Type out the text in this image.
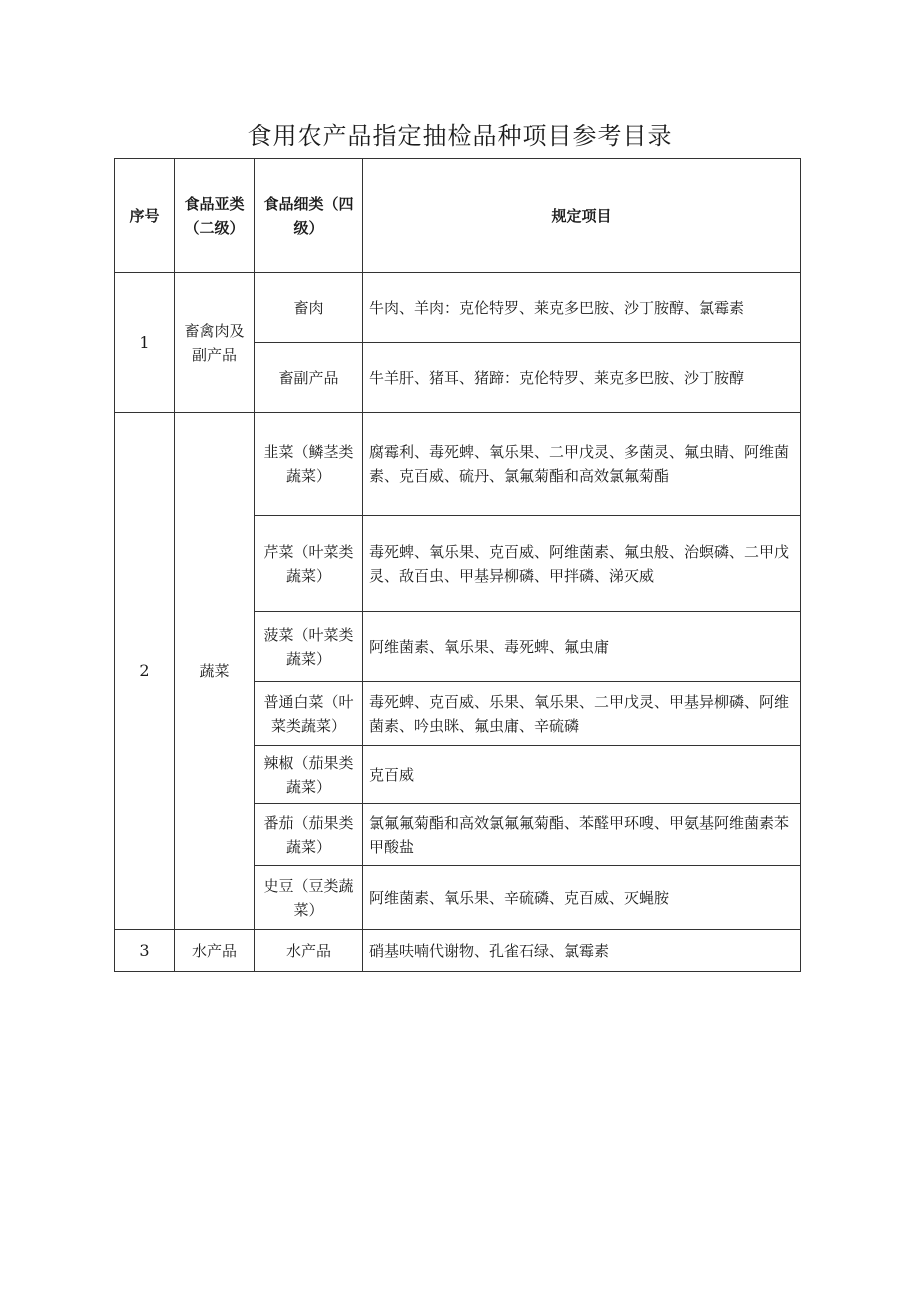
食用农产品指定抽检品种项目参考目录
序号	食品亚类（二级）	食品细类（四级）	规定项目
1	畜禽肉及副产品	畜肉	牛肉、羊肉：克伦特罗、莱克多巴胺、沙丁胺醇、氯霉素
		畜副产品	牛羊肝、猪耳、猪蹄：克伦特罗、莱克多巴胺、沙丁胺醇
2	蔬菜	韭菜（鳞茎类蔬菜）	腐霉利、毒死蜱、氧乐果、二甲戊灵、多菌灵、氟虫睛、阿维菌素、克百威、硫丹、氯氟菊酯和高效氯氟菊酯
		芹菜（叶菜类蔬菜）	毒死蜱、氧乐果、克百威、阿维菌素、氟虫般、治螟磷、二甲戊灵、敌百虫、甲基异柳磷、甲拌磷、涕灭威
		菠菜（叶菜类蔬菜）	阿维菌素、氧乐果、毒死蜱、氟虫庸
		普通白菜（叶菜类蔬菜）	毒死蜱、克百威、乐果、氧乐果、二甲戊灵、甲基异柳磷、阿维菌素、吟虫眯、氟虫庸、辛硫磷
		辣椒（茄果类蔬菜）	克百威
		番茄（茄果类蔬菜）	氯氟氟菊酯和高效氯氟氟菊酯、苯醛甲环嗖、甲氨基阿维菌素苯甲酸盐
		史豆（豆类蔬菜）	阿维菌素、氧乐果、辛硫磷、克百威、灭蝇胺
3	水产品	水产品	硝基呋喃代谢物、孔雀石绿、氯霉素
